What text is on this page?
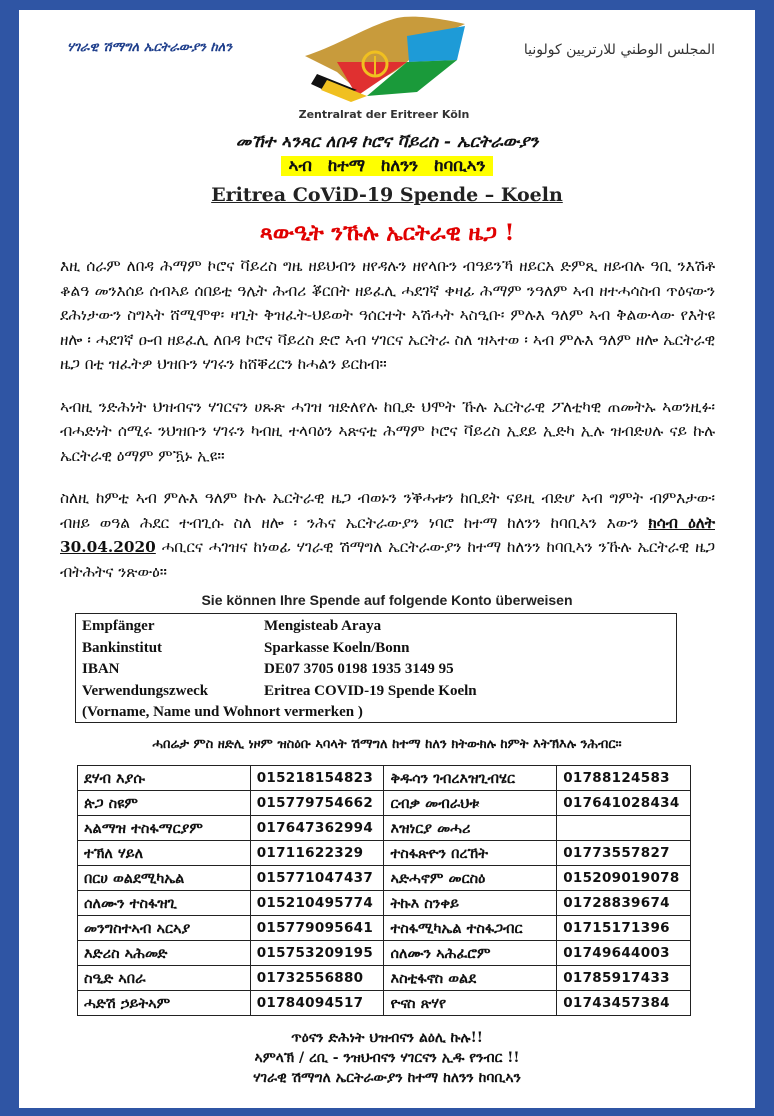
ሃገራዊ ሽማግለ ኤርትራውያን ከለን	المجلس الوطني للارتريين كولونيا
Zentralrat der Eritreer Köln
መኸተ ኣንጻር ለበዳ ኮሮና ቫይረስ - ኤርትራውያን
ኣብ ከተማ ከለንን ከባቢኣን
Eritrea CoViD-19 Spende – Koeln
ጻውዒት ንኹሉ ኤርትራዊ ዜጋ !
እዚ ሰራም ለበዳ ሕማም ኮሮና ቫይረስ ግዜ ዘይህብን ዘየዳሉን ዘየላቡን ብዓይንኻ ዘይርአ ድምጺ ዘይብሉ ዓቢ ንእሽቶ ቆልዓ መንእሰይ ሰብኣይ ሰበይቲ ዓሌት ሕብሪ ቖርበት ዘይፈሊ ሓደገኛ ቀዛፊ ሕማም ንዓለም ኣብ ዘተሓሳስብ ጥዕናውን ደሕነታውን ስግኣት ሸሚሞዋ፡ ዛጊት ቅዝፈት-ህይወት ዓሰርተት ኣሽሓት ኣስዒቡ፡ ምሉእ ዓለም ኣብ ቅልውላው የእትዩ ዘሎ ፡ ሓደገኛ ዑብ ዘይፈሊ ለበዳ ኮሮና ቫይረስ ድሮ ኣብ ሃገርና ኤርትራ ስለ ዝኣተወ ፡ ኣብ ምሉእ ዓለም ዘሎ ኤርትራዊ ዜጋ በቲ ዝፈትዎ ህዝቡን ሃገሩን ከሸቐረርን ከሓልን ይርከብ።
ኣብዚ ንድሕነት ህዝብናን ሃገርናን ሀጹጽ ሓገዝ ዝድለየሉ ከቢድ ህሞት ኹሉ ኤርትራዊ ፖለቲካዊ ጠመትኡ ኣወንዚፉ፡ ብሓድነት ሰሚሩ ንህዝቡን ሃገሩን ካብዚ ተላባዕን ኣጽናቲ ሕማም ኮሮና ቫይረስ ኢደይ ኢድካ ኢሉ ዝብድሀሉ ናይ ኩሉ ኤርትራዊ ዕማም ምዃኑ ኢዩ።
ስለዚ ከምቲ ኣብ ምሉእ ዓለም ኩሉ ኤርትራዊ ዜጋ ብወኑን ንቕሓቱን ከቢደት ናይዚ ብድሆ ኣብ ግምት ብምእታው፡ ብዘይ ወዓል ሕደር ተብጊሱ ስለ ዘሎ ፡ ንሕና ኤርትራውያን ነባሮ ከተማ ከለንን ከባቢኣን እውን ክሳብ ዕለት 30.04.2020 ሓቢርና ሓገዝና ከነወፊ ሃገራዊ ሽማግለ ኤርትራውያን ከተማ ከለንን ከባቢኣን ንኹሉ ኤርትራዊ ዜጋ ብትሕትና ንጽውዕ።
Sie können Ihre Spende auf folgende Konto überweisen
Empfänger	Mengisteab Araya
Bankinstitut	Sparkasse Koeln/Bonn
IBAN	DE07 3705 0198 1935 3149 95
Verwendungszweck	Eritrea COVID-19 Spende Koeln
(Vorname, Name und Wohnort vermerken )
ሓበሬታ ምስ ዘድሊ ነዞም ዝስዕቡ ኣባላት ሽማግለ ከተማ ከለን ክትውክሉ ከምት እትኽእሉ ንሕብር።
ደሃብ እያሱ	015218154823	ቅዱሳን ገብረእዝጊብሄር	01788124583
ጵጋ ስዩም	015779754662	ርብቃ መብራህቱ	017641028434
ኣልማዝ ተስፋማርያም	017647362994	እዝነርያ መሓሪ	
ተኽለ ሃይለ	01711622329	ተስፋጽዮን በረኸት	01773557827
በርሀ ወልደሚካኤል	015771047437	ኣድሓኖም መርስዕ	015209019078
ሰለሙን ተስፋዝጊ	015210495774	ትኩእ ስንቀይ	01728839674
መንግስተኣብ ኣርኣያ	015779095641	ተስፋሚካኤል ተስፋጋብር	01715171396
እድሪስ ኣሕመድ	015753209195	ሰለሙን ኣሕፈሮም	01749644003
ስዒድ ኣበራ	01732556880	እስቲፋኖስ ወልደ	01785917433
ሓድሽ ኃይትኣም	01784094517	ዮናስ ጽሃየ	01743457384
ጥዕናን ድሕነት ህዝብናን ልዕሊ ኩሉ!!
ኣምላኽ / ረቢ - ንዝህብናን ሃገርናን ኢዱ የንብር !!
ሃገራዊ ሽማግለ ኤርትራውያን ከተማ ከለንን ከባቢኣን
